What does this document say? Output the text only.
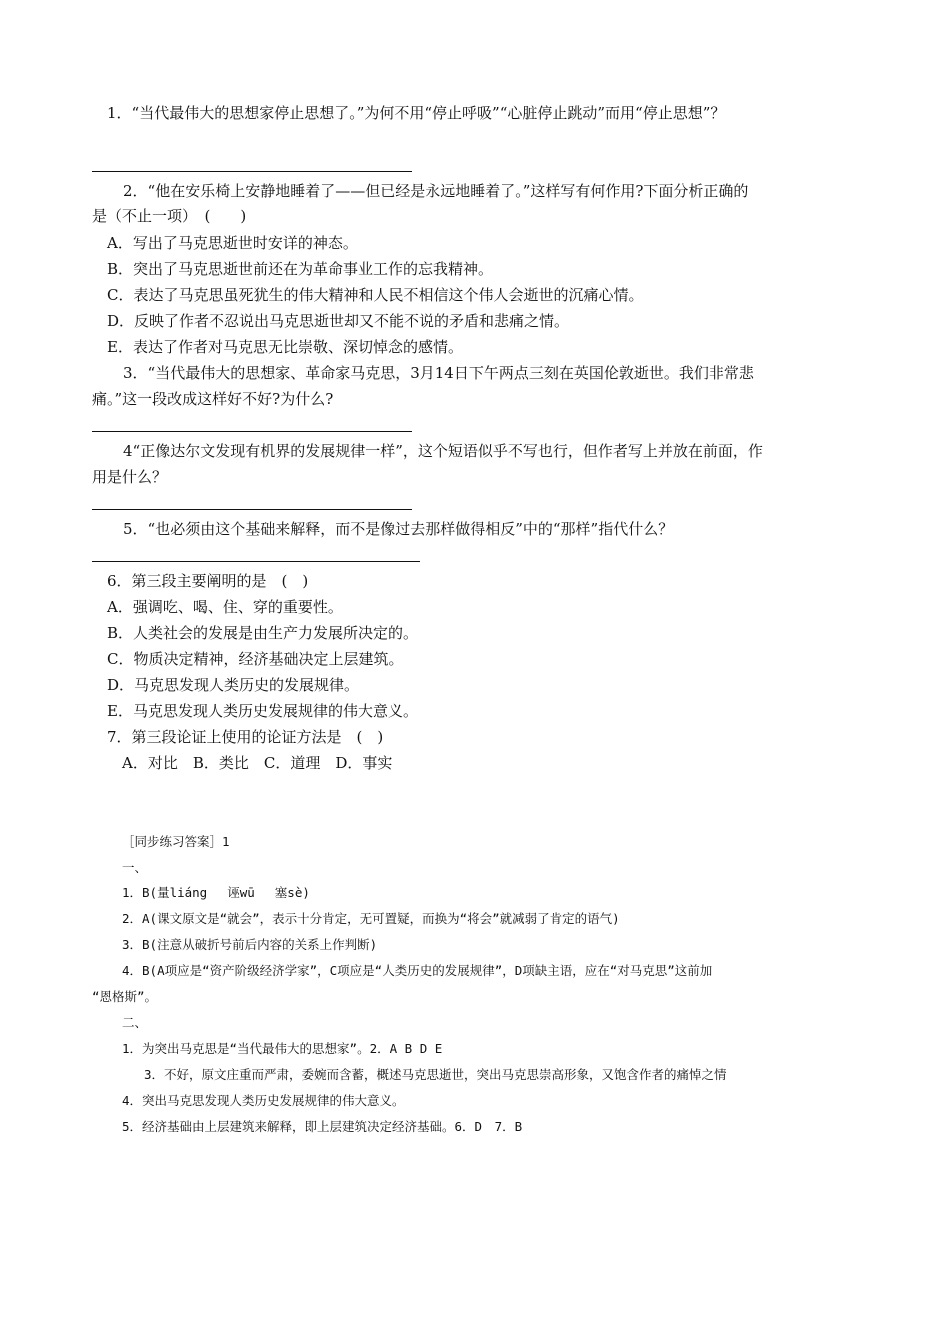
1．“当代最伟大的思想家停止思想了。”为何不用“停止呼吸”“心脏停止跳动”而用“停止思想”？
2．“他在安乐椅上安静地睡着了——但已经是永远地睡着了。”这样写有何作用?下面分析正确的
是（不止一项）　(　　)
A．写出了马克思逝世时安详的神态。
B．突出了马克思逝世前还在为革命事业工作的忘我精神。
C．表达了马克思虽死犹生的伟大精神和人民不相信这个伟人会逝世的沉痛心情。
D．反映了作者不忍说出马克思逝世却又不能不说的矛盾和悲痛之情。
E．表达了作者对马克思无比崇敬、深切悼念的感情。
3．“当代最伟大的思想家、革命家马克思，3月14日下午两点三刻在英国伦敦逝世。我们非常悲
痛。”这一段改成这样好不好?为什么?
4“正像达尔文发现有机界的发展规律一样”，这个短语似乎不写也行，但作者写上并放在前面，作
用是什么？
5．“也必须由这个基础来解释，而不是像过去那样做得相反”中的“那样”指代什么？
6．第三段主要阐明的是　(　)
A．强调吃、喝、住、穿的重要性。
B．人类社会的发展是由生产力发展所决定的。
C．物质决定精神，经济基础决定上层建筑。
D．马克思发现人类历史的发展规律。
E．马克思发现人类历史发展规律的伟大意义。
7．第三段论证上使用的论证方法是　(　)
A．对比　B．类比　C．道理　D．事实
［同步练习答案］1
一、
1．B(量liáng　 诬wū　 塞sè)
2．A(课文原文是“就会”，表示十分肯定，无可置疑，而换为“将会”就减弱了肯定的语气)
3．B(注意从破折号前后内容的关系上作判断)
4．B(A项应是“资产阶级经济学家”，C项应是“人类历史的发展规律”，D项缺主语，应在“对马克思”这前加
“恩格斯”。
二、
1．为突出马克思是“当代最伟大的思想家”。2．A B D E
3．不好，原文庄重而严肃，委婉而含蓄，概述马克思逝世，突出马克思崇高形象，又饱含作者的痛悼之情
4．突出马克思发现人类历史发展规律的伟大意义。
5．经济基础由上层建筑来解释，即上层建筑决定经济基础。6．D　7．B
